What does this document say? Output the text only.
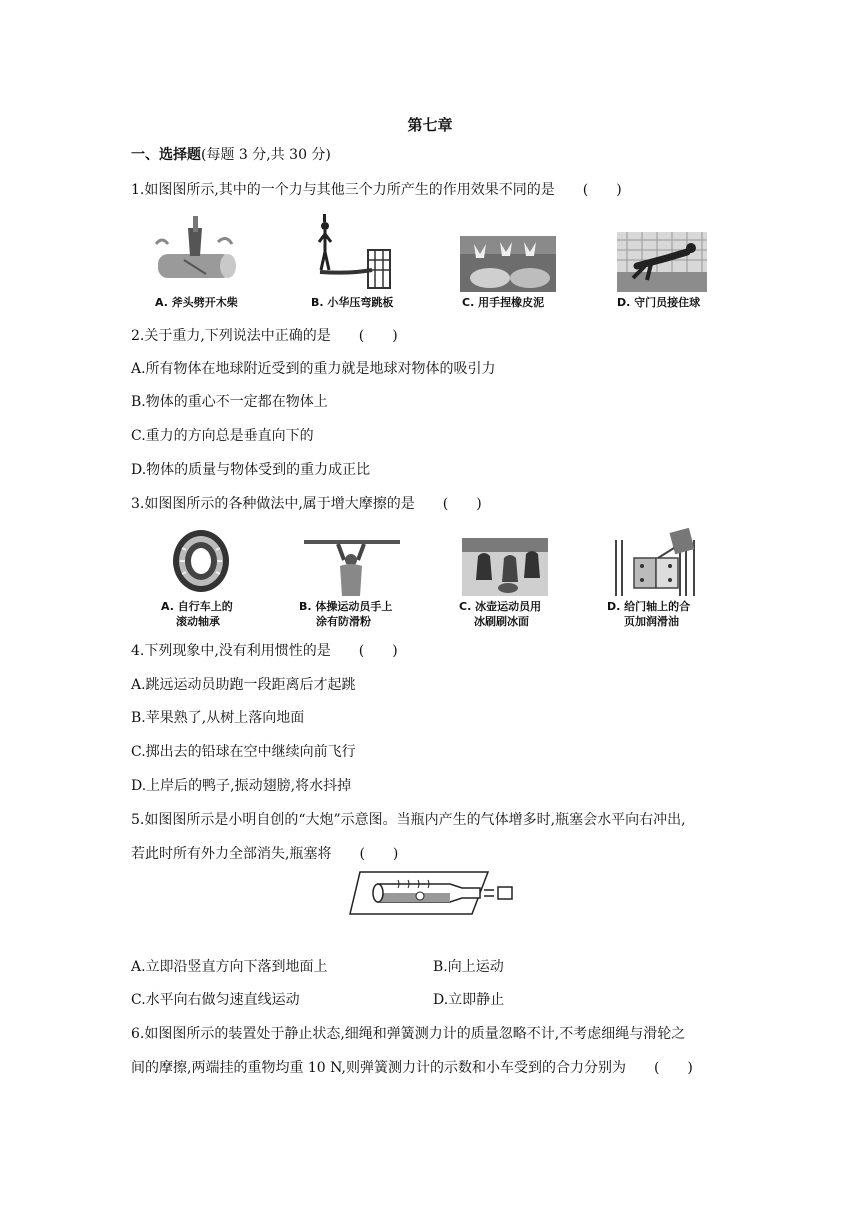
第七章
一、选择题(每题 3 分,共 30 分)
1.如图图所示,其中的一个力与其他三个力所产生的作用效果不同的是　　(　　)
A. 斧头劈开木柴	B. 小华压弯跳板	C. 用手捏橡皮泥	D. 守门员接住球
2.关于重力,下列说法中正确的是　　(　　)
A.所有物体在地球附近受到的重力就是地球对物体的吸引力
B.物体的重心不一定都在物体上
C.重力的方向总是垂直向下的
D.物体的质量与物体受到的重力成正比
3.如图图所示的各种做法中,属于增大摩擦的是　　(　　)
A. 自行车上的
滚动轴承
B. 体操运动员手上
涂有防滑粉
C. 冰壶运动员用
冰刷刷冰面
D. 给门轴上的合
页加润滑油
4.下列现象中,没有利用惯性的是　　(　　)
A.跳远运动员助跑一段距离后才起跳
B.苹果熟了,从树上落向地面
C.掷出去的铅球在空中继续向前飞行
D.上岸后的鸭子,振动翅膀,将水抖掉
5.如图图所示是小明自创的“大炮”示意图。当瓶内产生的气体增多时,瓶塞会水平向右冲出,
若此时所有外力全部消失,瓶塞将　　(　　)
A.立即沿竖直方向下落到地面上	B.向上运动
C.水平向右做匀速直线运动	D.立即静止
6.如图图所示的装置处于静止状态,细绳和弹簧测力计的质量忽略不计,不考虑细绳与滑轮之
间的摩擦,两端挂的重物均重 10 N,则弹簧测力计的示数和小车受到的合力分别为　　(　　)
